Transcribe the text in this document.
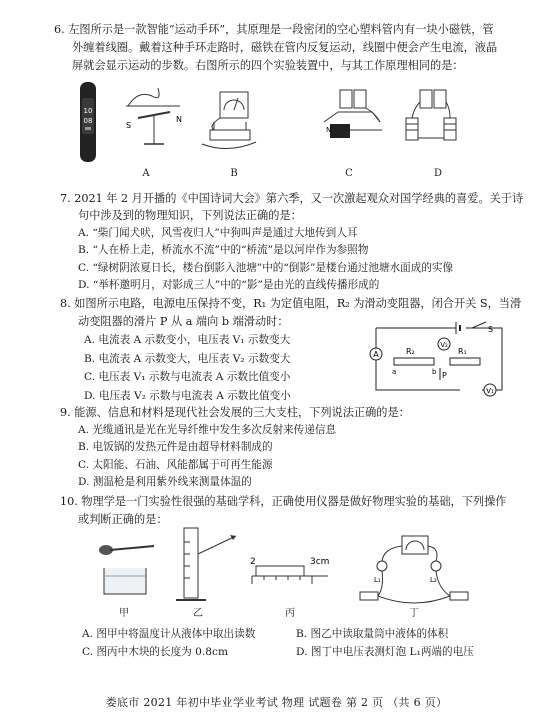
6. 左图所示是一款智能“运动手环”，其原理是一段密闭的空心塑料管内有一块小磁铁，管
外缠着线圈。戴着这种手环走路时，磁铁在管内反复运动，线圈中便会产生电流，液晶
屏就会显示运动的步数。右图所示的四个实验装置中，与其工作原理相同的是：
10
08	S
N
N
A	B	C	D
7. 2021 年 2 月开播的《中国诗词大会》第六季，又一次激起观众对国学经典的喜爱。关于诗
句中涉及到的物理知识，下列说法正确的是：
A. “柴门闻犬吠，风雪夜归人”中狗叫声是通过大地传到人耳
B. “人在桥上走，桥流水不流”中的“桥流”是以河岸作为参照物
C. “绿树阴浓夏日长，楼台倒影入池塘”中的“倒影”是楼台通过池塘水面成的实像
D. “举杯邀明月，对影成三人”中的“影”是由光的直线传播形成的
8. 如图所示电路，电源电压保持不变，R₁ 为定值电阻，R₂ 为滑动变阻器，闭合开关 S，当滑
动变阻器的滑片 P 从 a 端向 b 端滑动时：
A. 电流表 A 示数变小，电压表 V₁ 示数变大
B. 电流表 A 示数变大，电压表 V₂ 示数变大
C. 电压表 V₁ 示数与电流表 A 示数比值变小
D. 电压表 V₂ 示数与电流表 A 示数比值变小
A	R₂
a	b P
R₁
V₂
V₁
S
9. 能源、信息和材料是现代社会发展的三大支柱，下列说法正确的是：
A. 光缆通讯是光在光导纤维中发生多次反射来传递信息
B. 电饭锅的发热元件是由超导材料制成的
C. 太阳能、石油、风能都属于可再生能源
D. 测温枪是利用紫外线来测量体温的
10. 物理学是一门实验性很强的基础学科，正确使用仪器是做好物理实验的基础，下列操作
或判断正确的是：
2	3cm
L₁	L₂
甲	乙	丙	丁
A. 图甲中将温度计从液体中取出读数
C. 图丙中木块的长度为 0.8cm
B. 图乙中读取量筒中液体的体积
D. 图丁中电压表测灯泡 L₁两端的电压
娄底市 2021 年初中毕业学业考试 物理 试题卷 第 2 页 （共 6 页）
